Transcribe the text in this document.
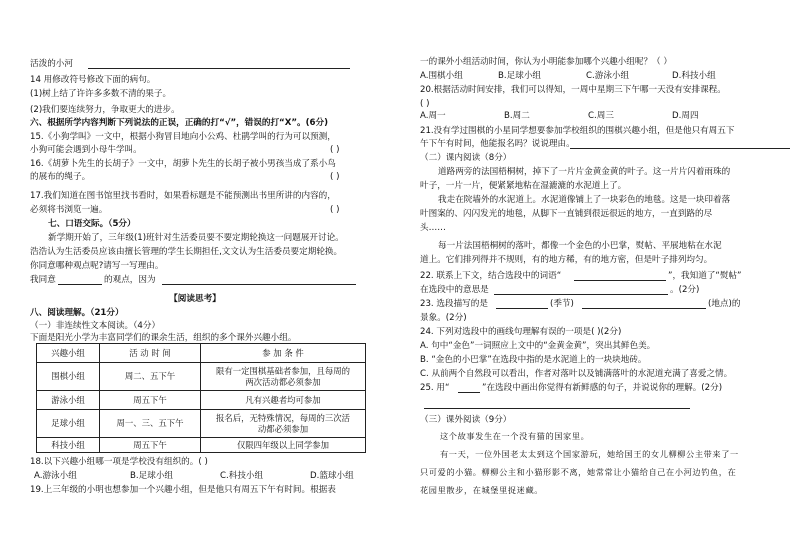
活泼的小河
14 用修改符号修改下面的病句。
(1)树上结了许许多多数不清的果子。
(2)我们要连续努力，争取更大的进步。
六、根据所学内容判断下列说法的正误，正确的打“√”，错误的打“X”。(6分)
15.《小狗学叫》一文中，根据小狗冒目地向小公鸡、杜鹃学叫的行为可以预测，
小狗可能会遇到小母牛学叫。	( )
16.《胡萝卜先生的长胡子》一文中，胡萝卜先生的长胡子被小男孩当成了系小鸟
的展布的绳子。	( )
17.我们知道在图书馆里找书看时，如果看标题是不能预测出书里所讲的内容的，
必须将书浏览一遍。	( )
七、口语交际。（5分）
新学期开始了，三年级(1)班针对生活委员要不要定期轮换这一问题展开讨论。
浩浩认为生活委员应该由擅长管理的学生长期担任,文文认为生活委员要定期轮换。
你同意哪种观点呢?请写一写理由。
我同意	的观点，因为
【阅读思考】
八、阅读理解。（21分）
（一）非连续性文本阅读。（4分）
下面是阳光小学为丰富同学们的课余生活，组织的多个课外兴趣小组。
兴趣小组	活 动 时 间	参 加 条 件
围棋小组	周二、五下午	限有一定围棋基础者参加，且每周的
两次活动都必须参加

游泳小组	周五下午	凡有兴趣者均可参加
足球小组	周一、三、五下午	报名后，无特殊情况，每周的三次活
动都必须参加

科技小组	周五下午	仅限四年级以上同学参加
18.以下兴趣小组哪一项是学校没有组织的。( )
A.游泳小组	B.足球小组	C.科技小组	D.篮球小组
19.上三年级的小明也想参加一个兴趣小组，但是他只有周五下午有时间。根据表
一的课外小组活动时间，你认为小明能参加哪个兴趣小组呢？（ ）
A.围棋小组	B.足球小组	C.游泳小组	D.科技小组
20.根据活动时间安排，我们可以得知，一周中星期三下午哪一天没有安排课程。
( )
A.周一	B.周二	C.周三	D.周四
21.没有学过围棋的小星同学想要参加学校组织的围棋兴趣小组，但是他只有周五下
午下午有时间，他能报名吗？说说理由。
（二）课内阅读（8分）
道路两旁的法国梧桐树，掉下了一片片金黄金黄的叶子。这一片片闪着雨珠的
叶子，一片一片，便紧紧地粘在湿漉漉的水泥道上了。
我走在院墙外的水泥道上。水泥道像铺上了一块彩色的地毯。这是一块印着落
叶图案的、闪闪发光的地毯，从脚下一直铺到很远很远的地方，一直到路的尽
头……
每一片法国梧桐树的落叶，都像一个金色的小巴掌，熨帖、平展地粘在水泥
道上。它们排列得并不规则，有的地方稀，有的地方密，但是叶子排列均匀。
22. 联系上下文，结合选段中的词语“	”，我知道了“熨帖”
在选段中的意思是	。(2分)
23. 选段描写的是	(季节)	(地点)的
景象。(2分)
24. 下列对选段中的画线句理解有误的一项是( )(2分)
A. 句中“金色”一词照应上文中的“金黄金黄”，突出其鲜色美。
B. “金色的小巴掌”在选段中指的是水泥道上的一块块地砖。
C. 从前两个自然段可以看出，作者对落叶以及铺满落叶的水泥道充满了喜爱之情。
25. 用“	”在选段中画出你觉得有新鲜感的句子，并说说你的理解。(2分)
（三）课外阅读（9分）
这个故事发生在一个没有猫的国家里。
有一天，一位外国老太太到这个国家游玩，她给国王的女儿柳柳公主带来了一
只可爱的小猫。柳柳公主和小猫形影不离，她常常让小猫给自己在小河边钓鱼，在
花园里散步，在城堡里捉迷藏。
